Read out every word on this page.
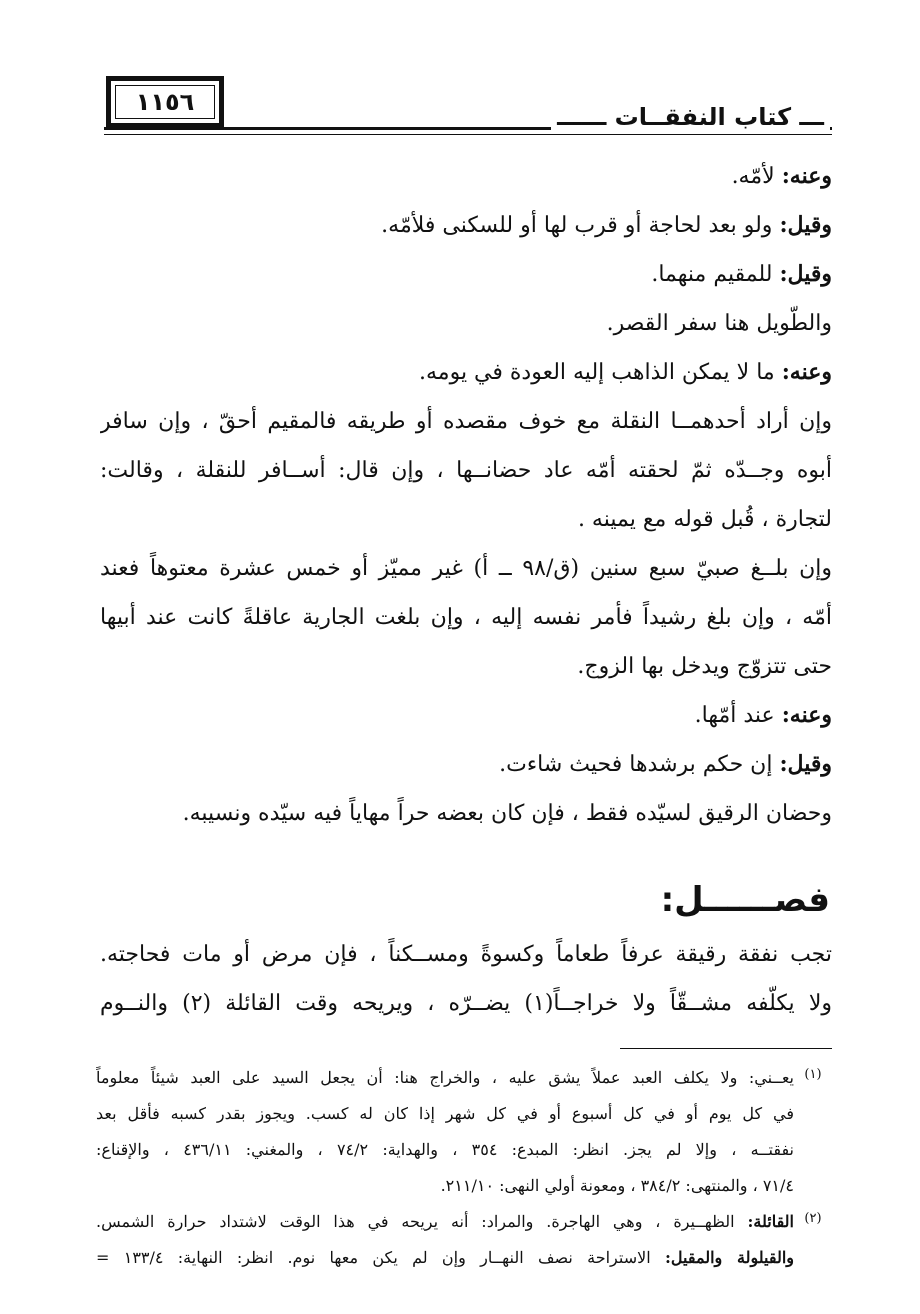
١١٥٦
ـــ كتاب النفقــات ــــــ
وعنه: لأمّه.
وقيل: ولو بعد لحاجة أو قرب لها أو للسكنى فلأمّه.
وقيل: للمقيم منهما.
والطّويل هنا سفر القصر.
وعنه: ما لا يمكن الذاهب إليه العودة في يومه.
وإن أراد أحدهمــا النقلة مع خوف مقصده أو طريقه فالمقيم أحقّ ، وإن سافر
أبوه وجــدّه ثمّ لحقته أمّه عاد حضانــها ، وإن قال: أســافر للنقلة ، وقالت:
لتجارة ، قُبل قوله مع يمينه .
وإن بلــغ صبيّ سبع سنين (ق/٩٨ ــ أ) غير مميّز أو خمس عشرة معتوهاً فعند
أمّه ، وإن بلغ رشيداً فأمر نفسه إليه ، وإن بلغت الجارية عاقلةً كانت عند أبيها
حتى تتزوّج ويدخل بها الزوج.
وعنه: عند أمّها.
وقيل: إن حكم برشدها فحيث شاءت.
وحضان الرقيق لسيّده فقط ، فإن كان بعضه حراً مهاياً فيه سيّده ونسيبه.
فصــــــل:
تجب نفقة رقيقة عرفاً طعاماً وكسوةً ومســكناً ، فإن مرض أو مات فحاجته.
ولا يكلّفه مشــقّاً ولا خراجــاً(١) يضــرّه ، ويريحه وقت القائلة (٢) والنــوم
(١)
يعــني: ولا يكلف العبد عملاً يشق عليه ، والخراج هنا: أن يجعل السيد على العبد شيئاً معلوماً
في كل يوم أو في كل أسبوع أو في كل شهر إذا كان له كسب. ويجوز بقدر كسبه فأقل بعد
نفقتــه ، وإلا لم يجز. انظر: المبدع: ٣٥٤ ، والهداية: ٧٤/٢ ، والمغني: ٤٣٦/١١ ، والإقناع:
٧١/٤ ، والمنتهى: ٣٨٤/٢ ، ومعونة أولي النهى: ٢١١/١٠.
(٢)
القائلة: الظهــيرة ، وهي الهاجرة. والمراد: أنه يريحه في هذا الوقت لاشتداد حرارة الشمس.
والقيلولة والمقيل: الاستراحة نصف النهــار وإن لم يكن معها نوم. انظر: النهاية: ١٣٣/٤ =
